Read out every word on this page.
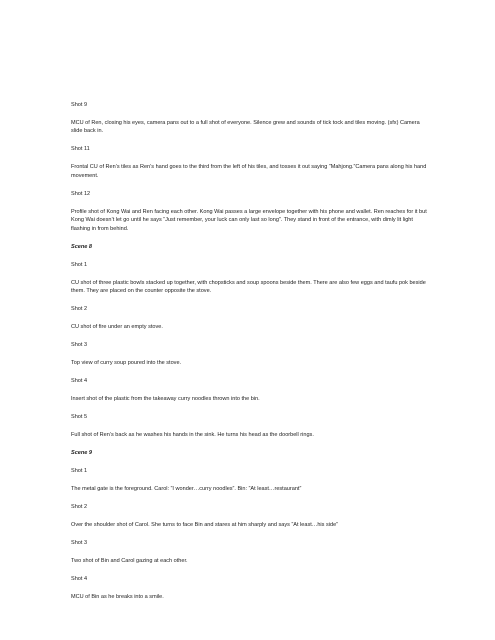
Shot 9

MCU of Ren, closing his eyes, camera pans out to a full shot of everyone. Silence grew and sounds of tick tock and tiles moving. (sfx) Camera slide back in.

Shot 11

Frontal CU of Ren’s tiles as Ren’s hand goes to the third from the left of his tiles, and tosses it out saying “Mahjong.”Camera pans along his hand movement.

Shot 12

Profile shot of Kong Wai and Ren facing each other. Kong Wai passes a large envelope together with his phone and wallet. Ren reaches for it but Kong Wai doesn’t let go until he says “Just remember, your luck can only last so long”. They stand in front of the entrance, with dimly lit light flashing in from behind.

Scene 8

Shot 1

CU shot of three plastic bowls stacked up together, with chopsticks and soup spoons beside them. There are also few eggs and taufu pok beside them. They are placed on the counter opposite the stove.

Shot 2

CU shot of fire under an empty stove.

Shot 3

Top view of curry soup poured into the stove.

Shot 4

Insert shot of the plastic from the takeaway curry noodles thrown into the bin.

Shot 5

Full shot of Ren’s back as he washes his hands in the sink. He turns his head as the doorbell rings.

Scene 9

Shot 1

The metal gate is the foreground. Carol: “I wonder…curry noodles”. Bin: “At least…restaurant”

Shot 2

Over the shoulder shot of Carol. She turns to face Bin and stares at him sharply and says “At least…his side”

Shot 3

Two shot of Bin and Carol gazing at each other.

Shot 4

MCU of Bin as he breaks into a smile.
